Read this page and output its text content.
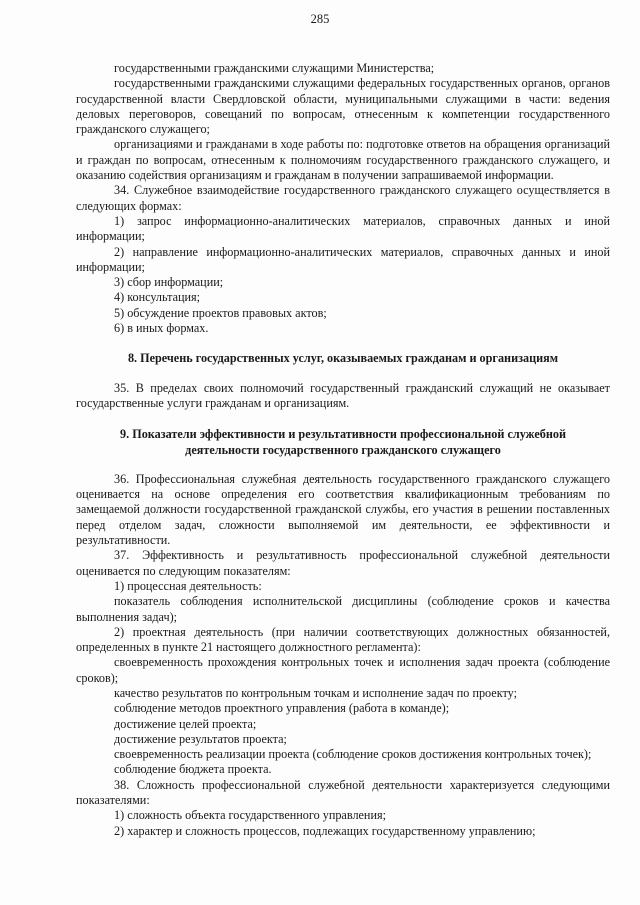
285

государственными гражданскими служащими Министерства;

государственными гражданскими служащими федеральных государственных органов, органов государственной власти Свердловской области, муниципальными служащими в части: ведения деловых переговоров, совещаний по вопросам, отнесенным к компетенции государственного гражданского служащего;

организациями и гражданами в ходе работы по: подготовке ответов на обращения организаций и граждан по вопросам, отнесенным к полномочиям государственного гражданского служащего, и оказанию содействия организациям и гражданам в получении запрашиваемой информации.

34. Служебное взаимодействие государственного гражданского служащего осуществляется в следующих формах:

1) запрос информационно-аналитических материалов, справочных данных и иной информации;

2) направление информационно-аналитических материалов, справочных данных и иной информации;

3) сбор информации;

4) консультация;

5) обсуждение проектов правовых актов;

6) в иных формах.

8. Перечень государственных услуг, оказываемых гражданам и организациям

35. В пределах своих полномочий государственный гражданский служащий не оказывает государственные услуги гражданам и организациям.

9. Показатели эффективности и результативности профессиональной служебной

деятельности государственного гражданского служащего

36. Профессиональная служебная деятельность государственного гражданского служащего оценивается на основе определения его соответствия квалификационным требованиям по замещаемой должности государственной гражданской службы, его участия в решении поставленных перед отделом задач, сложности выполняемой им деятельности, ее эффективности и результативности.

37. Эффективность и результативность профессиональной служебной деятельности оценивается по следующим показателям:

1) процессная деятельность:

показатель соблюдения исполнительской дисциплины (соблюдение сроков и качества выполнения задач);

2) проектная деятельность (при наличии соответствующих должностных обязанностей, определенных в пункте 21 настоящего должностного регламента):

своевременность прохождения контрольных точек и исполнения задач проекта (соблюдение сроков);

качество результатов по контрольным точкам и исполнение задач по проекту;

соблюдение методов проектного управления (работа в команде);

достижение целей проекта;

достижение результатов проекта;

своевременность реализации проекта (соблюдение сроков достижения контрольных точек);

соблюдение бюджета проекта.

38. Сложность профессиональной служебной деятельности характеризуется следующими показателями:

1) сложность объекта государственного управления;

2) характер и сложность процессов, подлежащих государственному управлению;
